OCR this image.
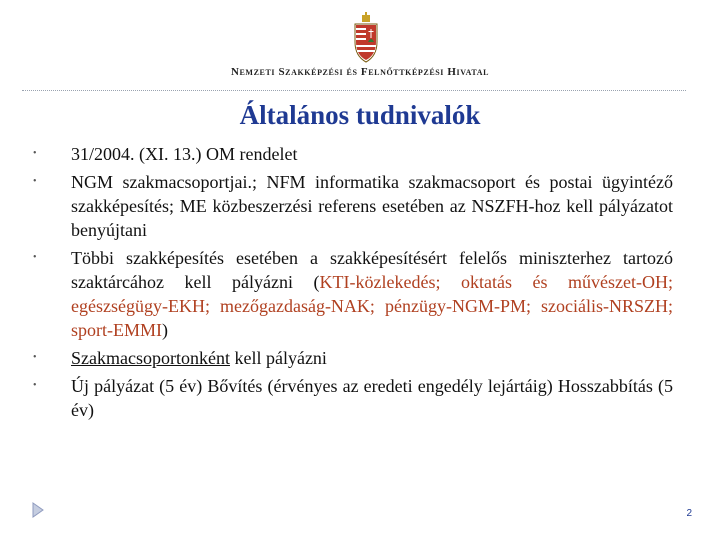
Nemzeti Szakképzési és Felnőttképzési Hivatal
Általános tudnivalók
• 31/2004. (XI. 13.) OM rendelet
• NGM szakmacsoportjai.; NFM informatika szakmacsoport és postai ügyintéző szakképesítés; ME közbeszerzési referens esetében az NSZFH-hoz kell pályázatot benyújtani
• Többi szakképesítés esetében a szakképesítésért felelős miniszterhez tartozó szaktárcához kell pályázni (KTI-közlekedés; oktatás és művészet-OH; egészségügy-EKH; mezőgazdaság-NAK; pénzügy-NGM-PM; szociális-NRSZH; sport-EMMI)
• Szakmacsoportonként kell pályázni
• Új pályázat (5 év) Bővítés (érvényes az eredeti engedély lejártáig) Hosszabbítás (5 év)
2
